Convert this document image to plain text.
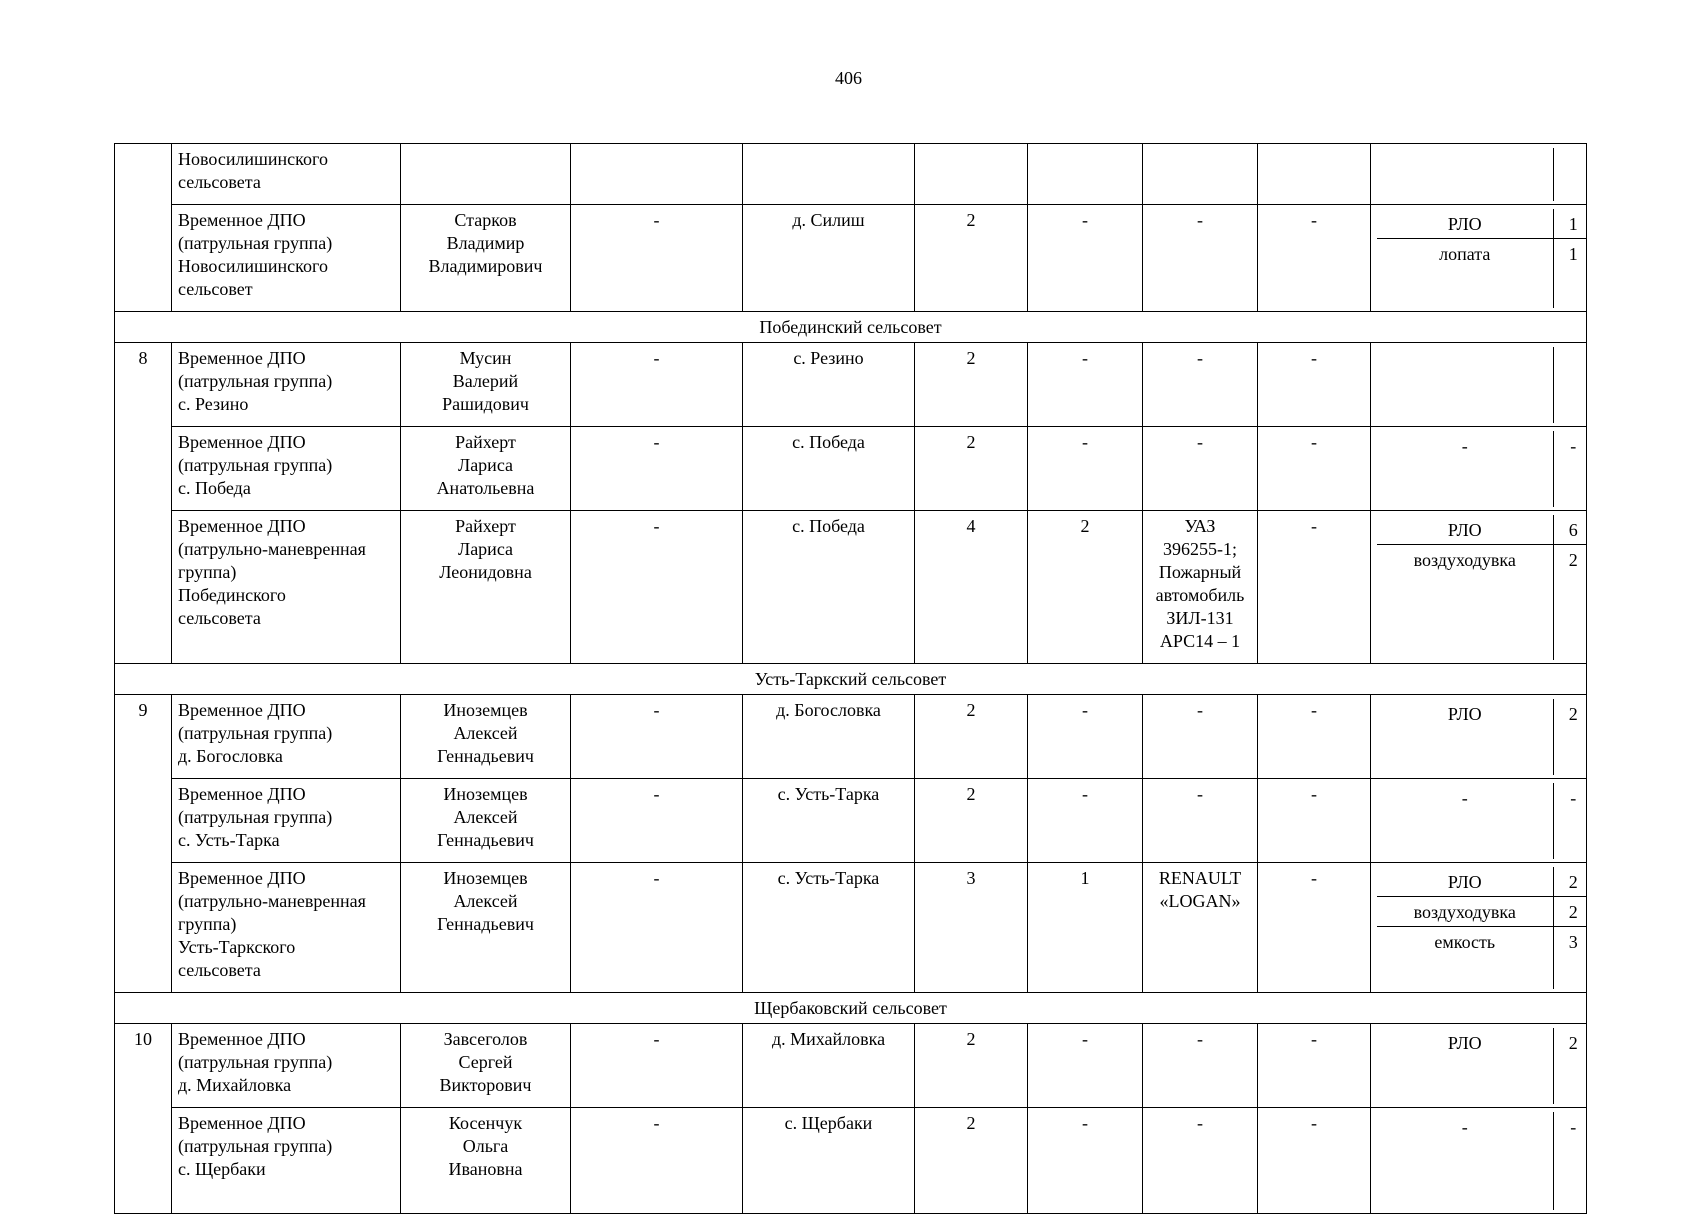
406
	Новосилишинского
сельсовета								

Временное ДПО
(патрульная группа)
Новосилишинского
сельсовет	Старков
Владимир
Владимирович	-	д. Силиш	2	-	-	-		РЛО	1
лопата	1

Побединский сельсовет
8	Временное ДПО
(патрульная группа)
с. Резино	Мусин
Валерий
Рашидович	-	с. Резино	2	-	-	-	

Временное ДПО
(патрульная группа)
с. Победа	Райхерт
Лариса
Анатольевна	-	с. Победа	2	-	-	-		-	-

Временное ДПО
(патрульно-маневренная
группа)
Побединского
сельсовета	Райхерт
Лариса
Леонидовна	-	с. Победа	4	2	УАЗ
396255-1;
Пожарный
автомобиль
ЗИЛ-131
АРС14 – 1	-		РЛО	6
воздуходувка	2

Усть-Таркский сельсовет
9	Временное ДПО
(патрульная группа)
д. Богословка	Иноземцев
Алексей
Геннадьевич	-	д. Богословка	2	-	-	-		РЛО	2

Временное ДПО
(патрульная группа)
с. Усть-Тарка	Иноземцев
Алексей
Геннадьевич	-	с. Усть-Тарка	2	-	-	-		-	-

Временное ДПО
(патрульно-маневренная
группа)
Усть-Таркского
сельсовета	Иноземцев
Алексей
Геннадьевич	-	с. Усть-Тарка	3	1	RENAULT
«LOGAN»	-		РЛО	2
воздуходувка	2
емкость	3

Щербаковский сельсовет
10	Временное ДПО
(патрульная группа)
д. Михайловка	Завсеголов
Сергей
Викторович	-	д. Михайловка	2	-	-	-		РЛО	2

Временное ДПО
(патрульная группа)
с. Щербаки	Косенчук
Ольга
Ивановна	-	с. Щербаки	2	-	-	-		-	-
